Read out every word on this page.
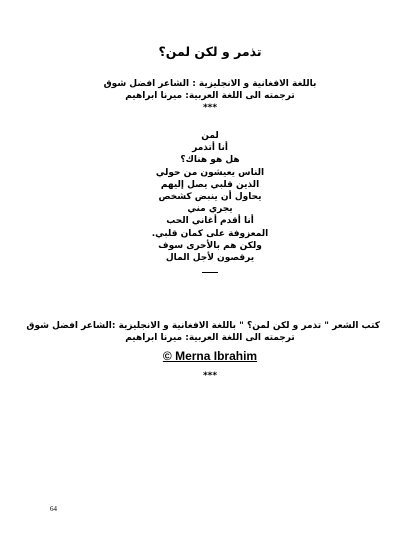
تذمر و لكن لمن؟
باللغة الافغانية و الانجليزية : الشاعر افضل شوق
ترجمته الى اللغة العربية: ميرنا ابراهيم
***
لمن
أنا أتذمر
هل هو هناك؟
الناس يعيشون من حولي
الذين قلبي يصل إليهم
يحاول أن ينبض كشخص
يجري مني
أنا أقدم أغاني الحب
المعزوفة على كمان قلبي.
ولكن هم بالأحرى سوف
يرقصون لأجل المال
كتب الشعر " تذمر و لكن لمن؟ " باللغة الافغانية و الانجليزية :الشاعر افضل شوق
ترجمته الى اللغة العربية: ميرنا ابراهيم
© Merna Ibrahim
***
64
